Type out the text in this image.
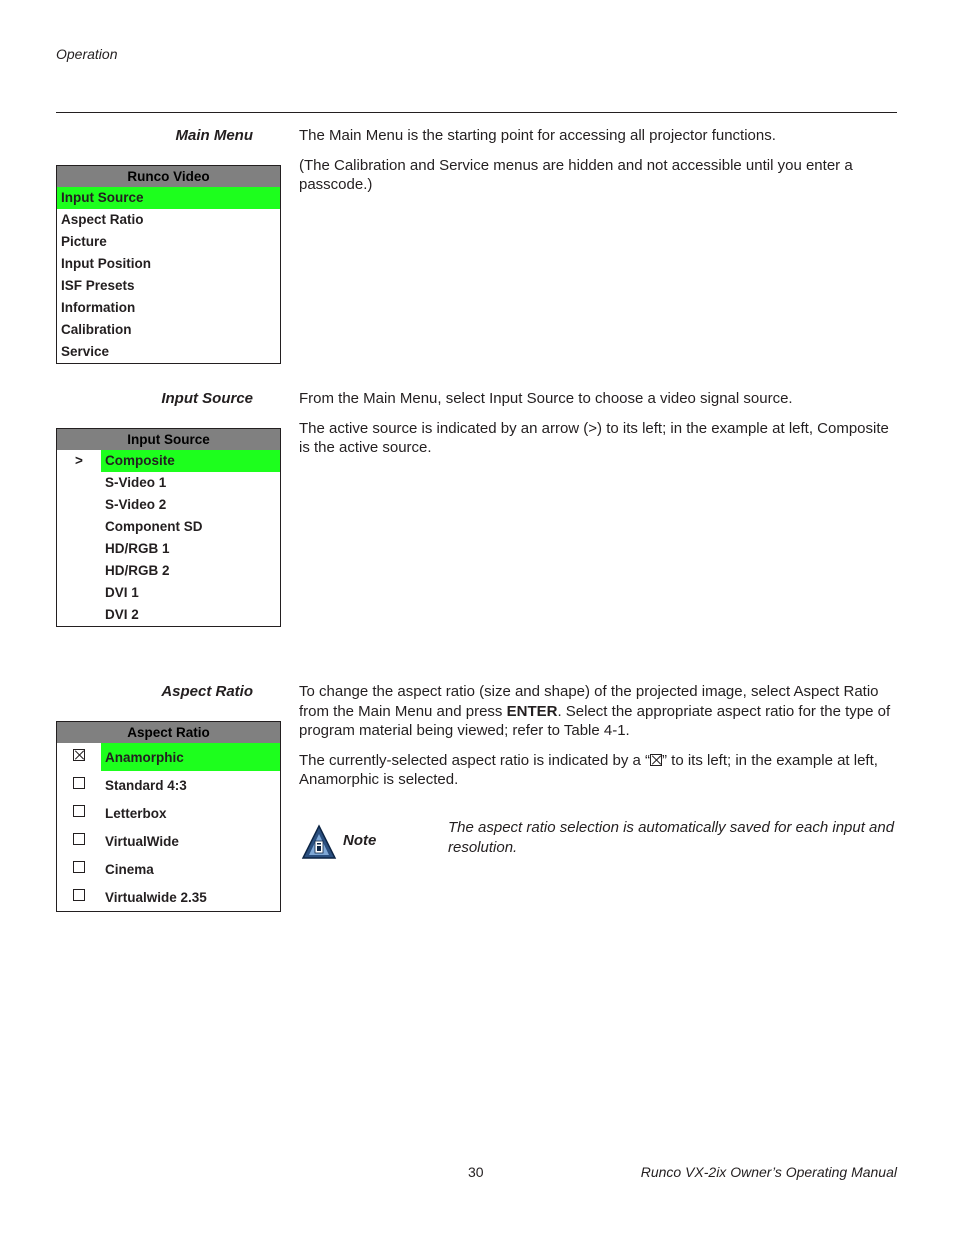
Operation
Main Menu	The Main Menu is the starting point for accessing all projector functions.

(The Calibration and Service menus are hidden and not accessible until you enter a passcode.)

Runco Video
Input Source
Aspect Ratio
Picture
Input Position
ISF Presets
Information
Calibration
Service
Input Source	From the Main Menu, select Input Source to choose a video signal source.

The active source is indicated by an arrow (>) to its left; in the example at left, Composite is the active source.

Input Source
>	Composite
S-Video 1
S-Video 2
Component SD
HD/RGB 1
HD/RGB 2
DVI 1
DVI 2
Aspect Ratio	To change the aspect ratio (size and shape) of the projected image, select Aspect Ratio from the Main Menu and press ENTER. Select the appropriate aspect ratio for the type of program material being viewed; refer to Table 4-1.

The currently-selected aspect ratio is indicated by a “ ” to its left; in the example at left, Anamorphic is selected.

Aspect Ratio
Anamorphic
Standard 4:3
Letterbox
VirtualWide
Cinema
Virtualwide 2.35
Note
The aspect ratio selection is automatically saved for each input and resolution.
30	Runco VX-2ix Owner’s Operating Manual
